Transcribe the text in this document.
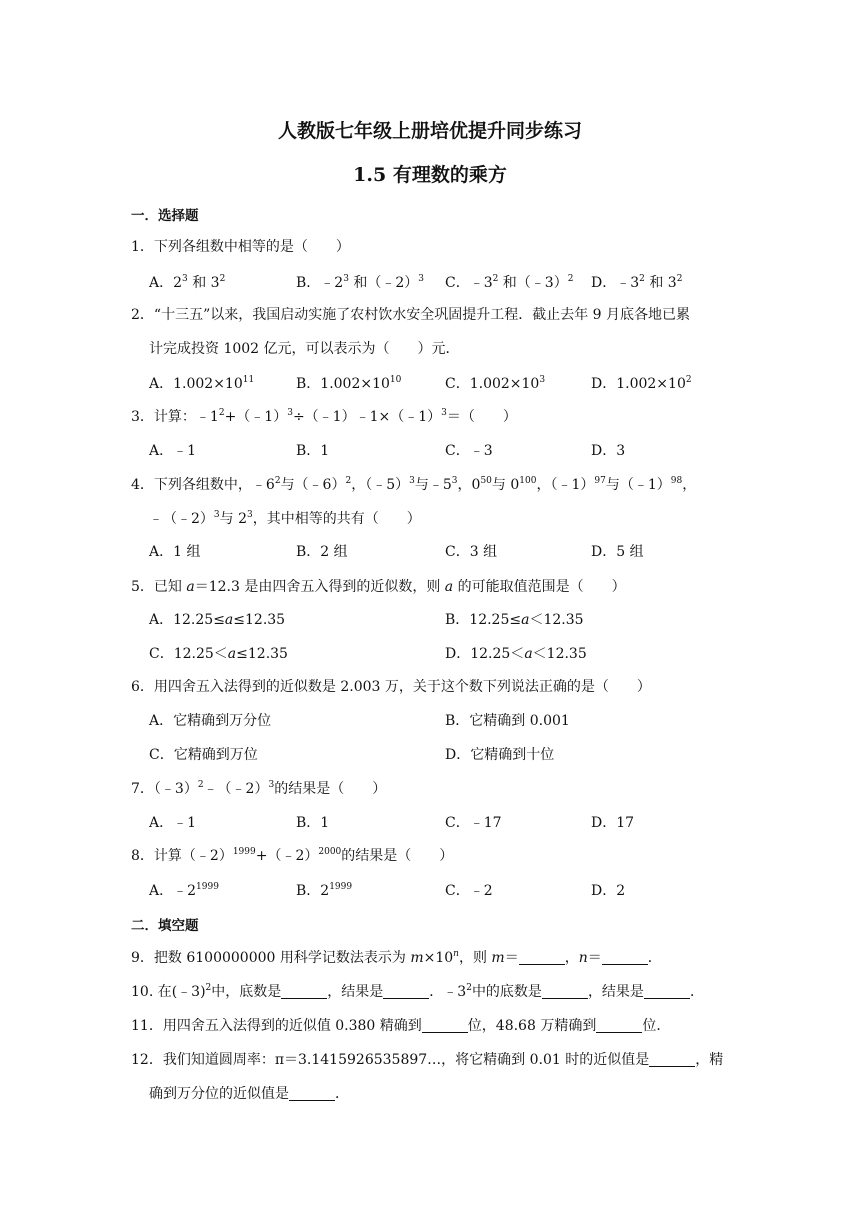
人教版七年级上册培优提升同步练习
1.5 有理数的乘方
一．选择题
1．下列各组数中相等的是（　　）
A．$2^3$ 和 $3^2$	B．$﹣2^3$ 和（﹣2）$^3$ C．$﹣3^2$ 和（﹣3）$^2$ D．$﹣3^2$ 和 $3^2$
2．“十三五”以来，我国启动实施了农村饮水安全巩固提升工程．截止去年 9 月底各地已累
计完成投资 1002 亿元，可以表示为（　　）元．
A．$1.002\times 10^{11}$	B．$1.002\times 10^{10}$	C．$1.002\times 10^3$	D．$1.002\times 10^2$
3．计算：$﹣1^2+(﹣1)^3\div(﹣1)﹣1\times(﹣1)^3=$（　　）
A．﹣1	B．1	C．﹣3	D．3
4．下列各组数中，$﹣6^2$与（﹣6）$^2$，（﹣5）$^3$与$﹣5^3$，$0^{50}$与 $0^{100}$，（﹣1）$^{97}$与（﹣1）$^{98}$，
﹣（﹣2）$^3$与 $2^3$，其中相等的共有（　　）
A．1 组	B．2 组	C．3 组	D．5 组
5．已知 a＝12.3 是由四舍五入得到的近似数，则 a 的可能取值范围是（　　）
A．12.25≤a≤12.35	B．12.25≤a＜12.35
C．12.25＜a≤12.35	D．12.25＜a＜12.35
6．用四舍五入法得到的近似数是 2.003 万，关于这个数下列说法正确的是（　　）
A．它精确到万分位	B．它精确到 0.001
C．它精确到万位	D．它精确到十位
7．（﹣3）$^2$﹣（﹣2）$^3$的结果是（　　）
A．﹣1	B．1	C．﹣17	D．17
8．计算（﹣2）$^{1999}$+（﹣2）$^{2000}$的结果是（　　）
A．$﹣2^{1999}$	B．$2^{1999}$	C．﹣2	D．2
二．填空题
9．把数 6100000000 用科学记数法表示为 $m\times 10^n$，则 m＝	，n＝	．
10. 在(﹣3)$^2$中，底数是	，结果是	．$﹣3^2$中的底数是	，结果是	．
11．用四舍五入法得到的近似值 0.380 精确到	位，48.68 万精确到	位．
12．我们知道圆周率：π＝3.1415926535897…，将它精确到 0.01 时的近似值是	，精
确到万分位的近似值是	．
